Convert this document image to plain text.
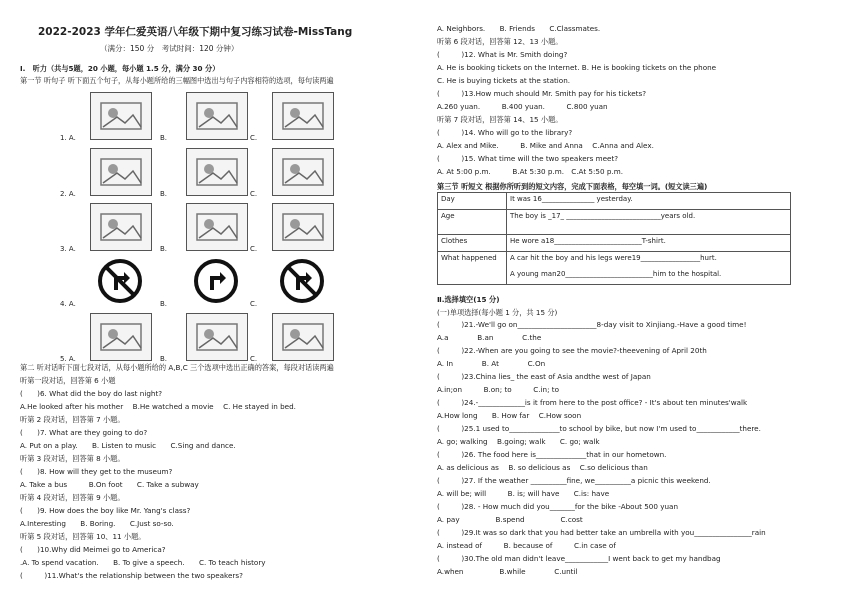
2022-2023 学年仁爱英语八年级下期中复习练习试卷-MissTang
（满分：150 分　考试时间：120 分钟）
I.　听力（共与5题，20 小题，每小题 1.5 分，满分 30 分）
第一节 听句子 听下面五个句子，从每小题所给的三幅图中选出与句子内容相符的选项，每句读两遍
1. A.	B.	C.
2. A.	B.	C.
3. A.	B.	C.
4. A.	B.	C.
5. A.	B.	C.
第二 听对话听下面七段对话，从每小题所给的 A,B,C 三个选项中选出正确的答案，每段对话读两遍
听第一段对话，回答第 6 小题
(　　)6. What did the boy do last night?
A.He looked after his mother　 B.He watched a movie　 C. He stayed in bed.
听第 2 段对话，回答第 7 小题。
(　　)7. What are they going to do?
A. Put on a play.　　B. Listen to music　　C.Sing and dance.
听第 3 段对话，回答第 8 小题。
(　　)8. How will they get to the museum?
A. Take a bus　　　B.On foot　　C. Take a subway
听第 4 段对话，回答第 9 小题。
(　　)9. How does the boy like Mr. Yang's class?
A.Interesting　　B. Boring.　　C.Just so-so.
听第 5 段对话，回答第 10、11 小题。
(　　)10.Why did Meimei go to America?
.A. To spend vacation.　　B. To give a speech.　　C. To teach history
(　　　)11.What's the relationship between the two speakers?
A. Neighbors.　　B. Friends　　C.Classmates.
听第 6 段对话，回答第 12、13 小题。
(　　　)12. What is Mr. Smith doing?
A. He is booking tickets on the Internet. B. He is booking tickets on the phone
C. He is buying tickets at the station.
(　　　)13.How much should Mr. Smith pay for his tickets?
A.260 yuan.　　　B.400 yuan.　　　C.800 yuan
听第 7 段对话，回答第 14、15 小题。
(　　　)14. Who will go to the library?
A. Alex and Mike.　　　B. Mike and Anna　 C.Anna and Alex.
(　　　)15. What time will the two speakers meet?
A. At 5:00 p.m.　　　B.At 5:30 p.m.　C.At 5:50 p.m.
第三节 听短文 根据你所听到的短文内容，完成下面表格，每空填一词。(短文读三遍)
Day	It was 16_______________ yesterday.
Age	The boy is _17_ ___________________________years old.
Clothes	He wore a18_________________________T-shirt.
What happened	A car hit the boy and his legs were19_________________hurt.
	A young man20_________________________him to the hospital.
Ⅱ.选择填空(15 分)
(一)单项选择(每小题 1 分，共 15 分)
(　　　)21.-We'll go on______________________8-day visit to Xinjiang.-Have a good time!
A.a　　　　B.an　　　　C.the
(　　　)22.-When are you going to see the movie?-theevening of April 20th
A. In　　　　B. At　　　　C.On
(　　　)23.China lies_ the east of Asia andthe west of Japan
A.in;on　　　B.on; to　　　C.in; to
(　　　)24.-_____________is it from here to the post office? - It's about ten minutes'walk
A.How long　　B. How far　 C.How soon
(　　　)25.1 used to______________to school by bike, but now I'm used to____________there.
A. go; walking　 B.going; walk　　C. go; walk
(　　　)26. The food here is______________that in our hometown.
A. as delicious as　 B. so delicious as　 C.so delicious than
(　　　)27. If the weather __________fine, we__________a picnic this weekend.
A. will be; will　　　B. is; will have　　C.is: have
(　　　)28. - How much did you_______for the bike -About 500 yuan
A. pay　　　　　B.spend　　　　　C.cost
(　　　)29.It was so dark that you had better take an umbrella with you________________rain
A. instead of　　　B. because of　　　C.in case of
(　　　)30.The old man didn't leave____________I went back to get my handbag
A.when　　　　　B.while　　　　C.until
